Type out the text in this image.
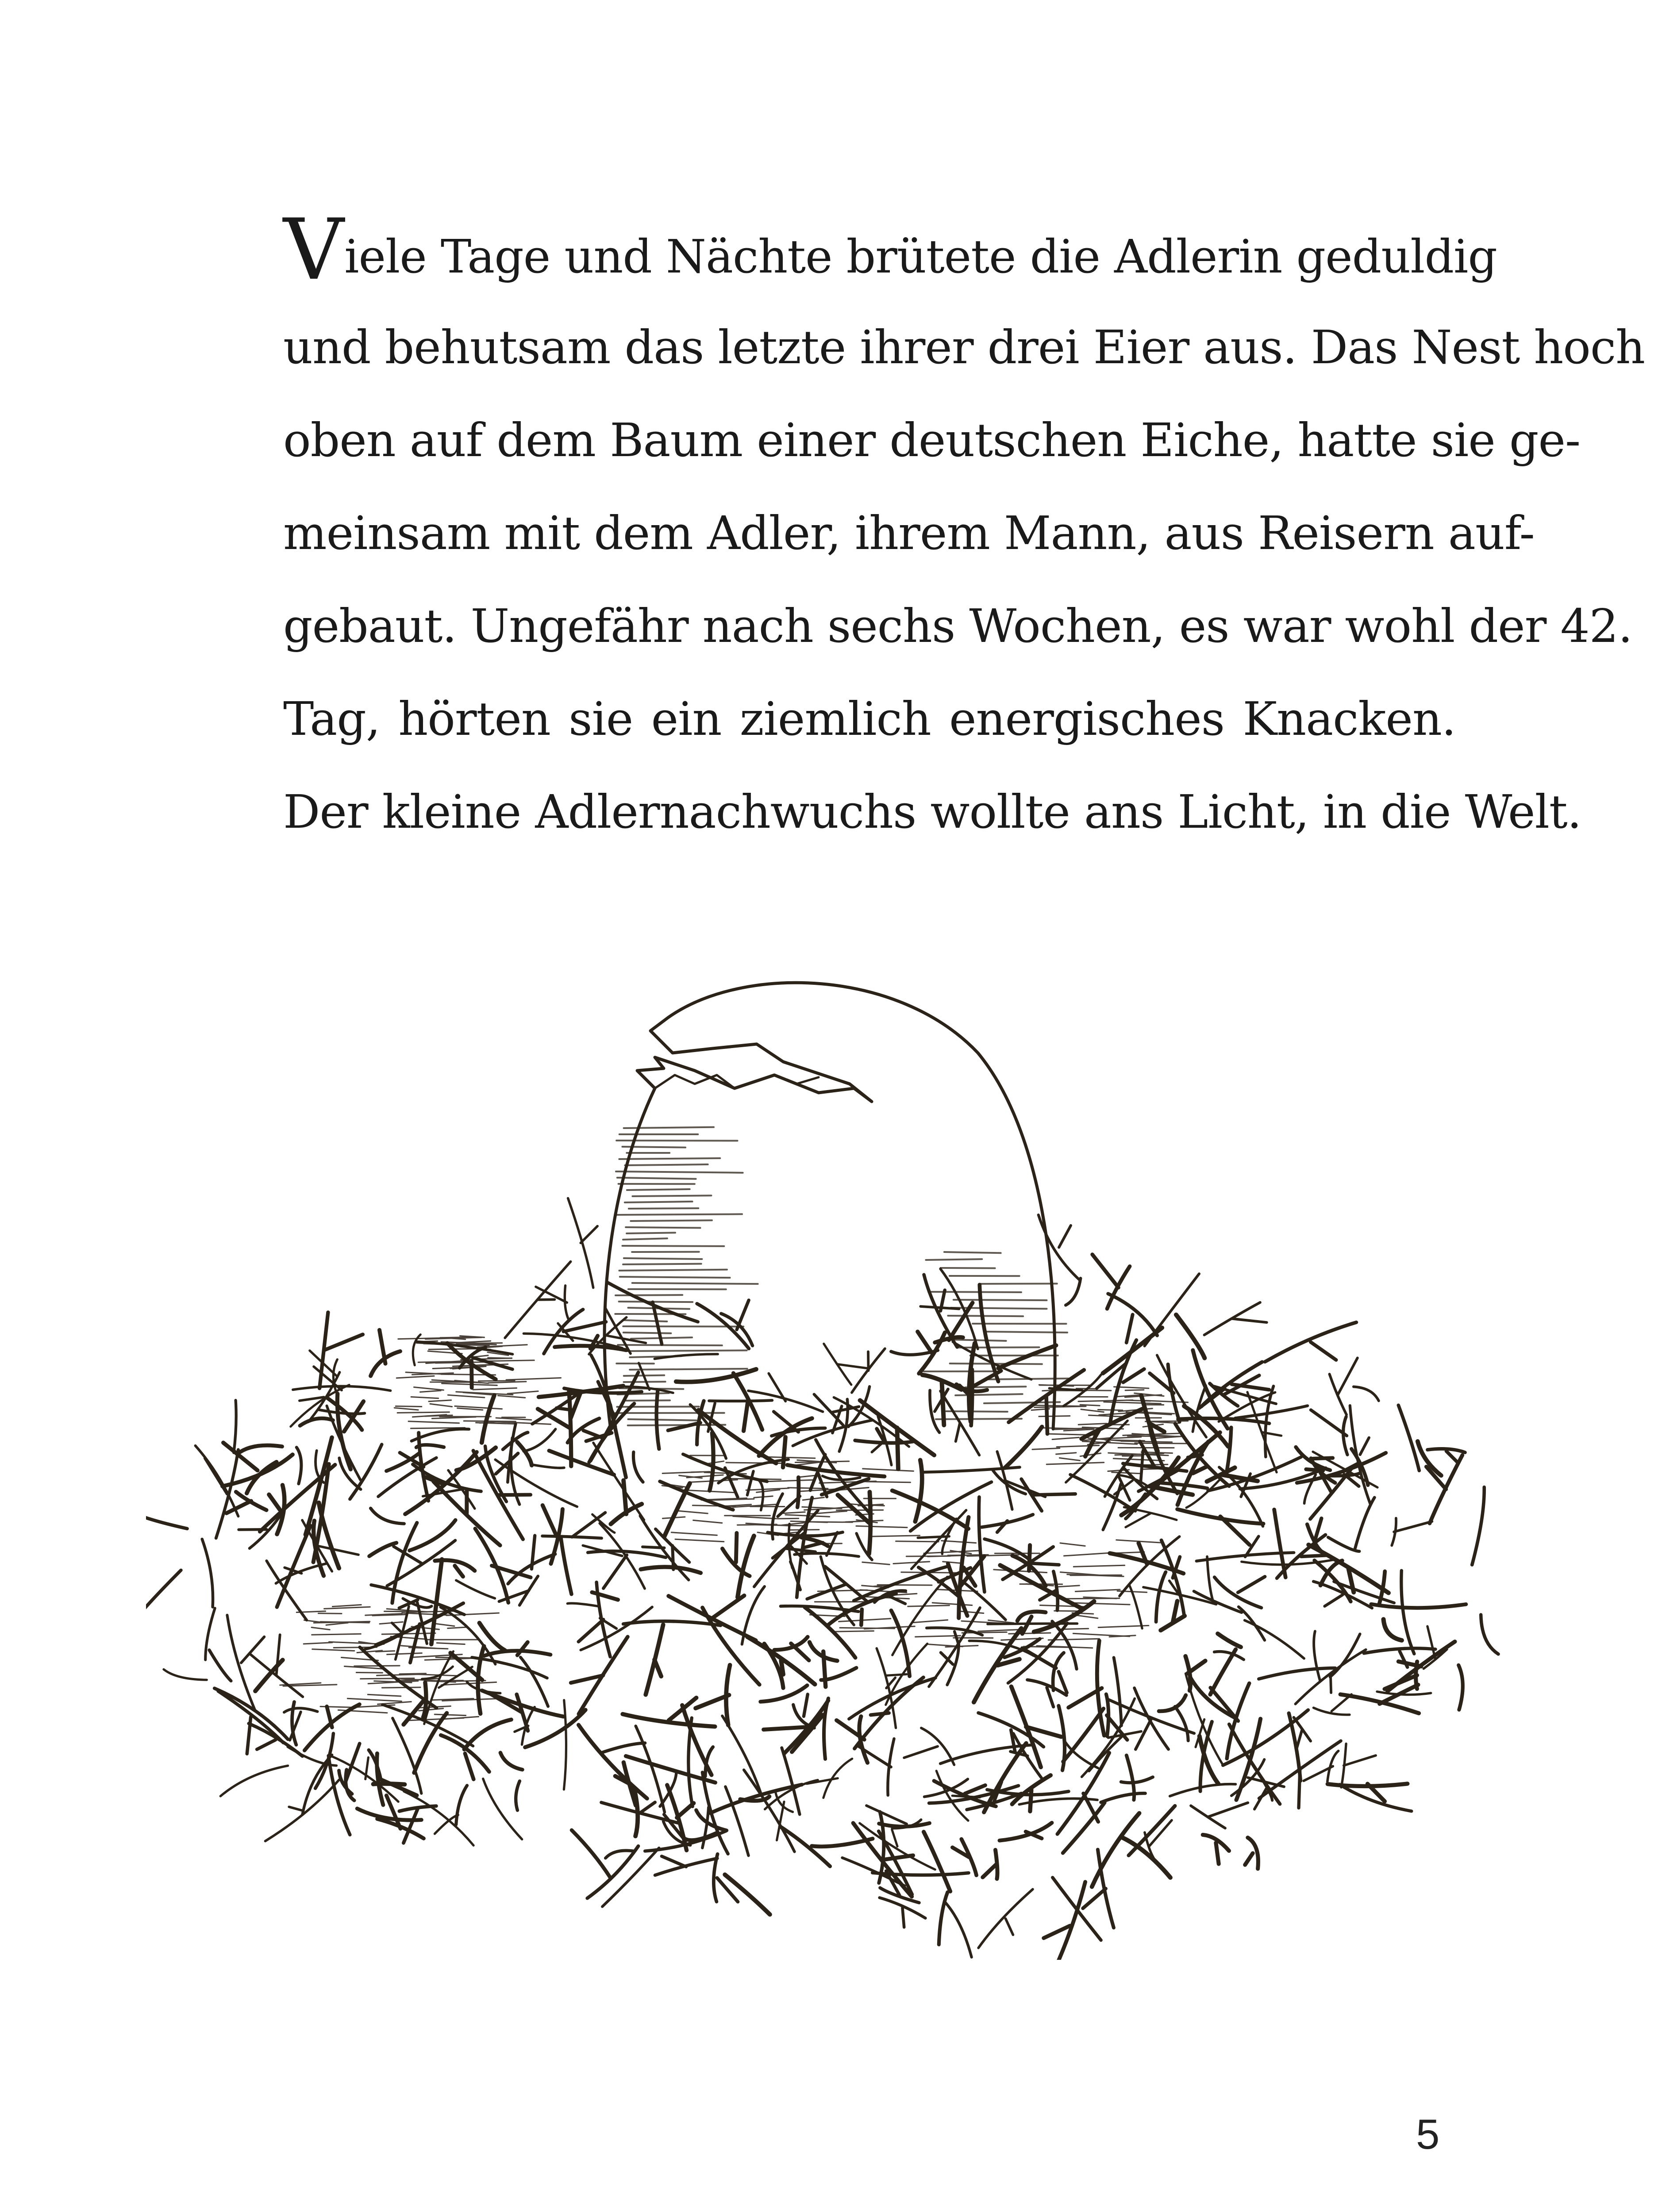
Viele Tage und Nächte brütete die Adlerin geduldig
und behutsam das letzte ihrer drei Eier aus. Das Nest hoch
oben auf dem Baum einer deutschen Eiche, hatte sie ge-
meinsam mit dem Adler, ihrem Mann, aus Reisern auf-
gebaut. Ungefähr nach sechs Wochen, es war wohl der 42.
Tag, hörten sie ein ziemlich energisches Knacken.
Der kleine Adlernachwuchs wollte ans Licht, in die Welt.
5
